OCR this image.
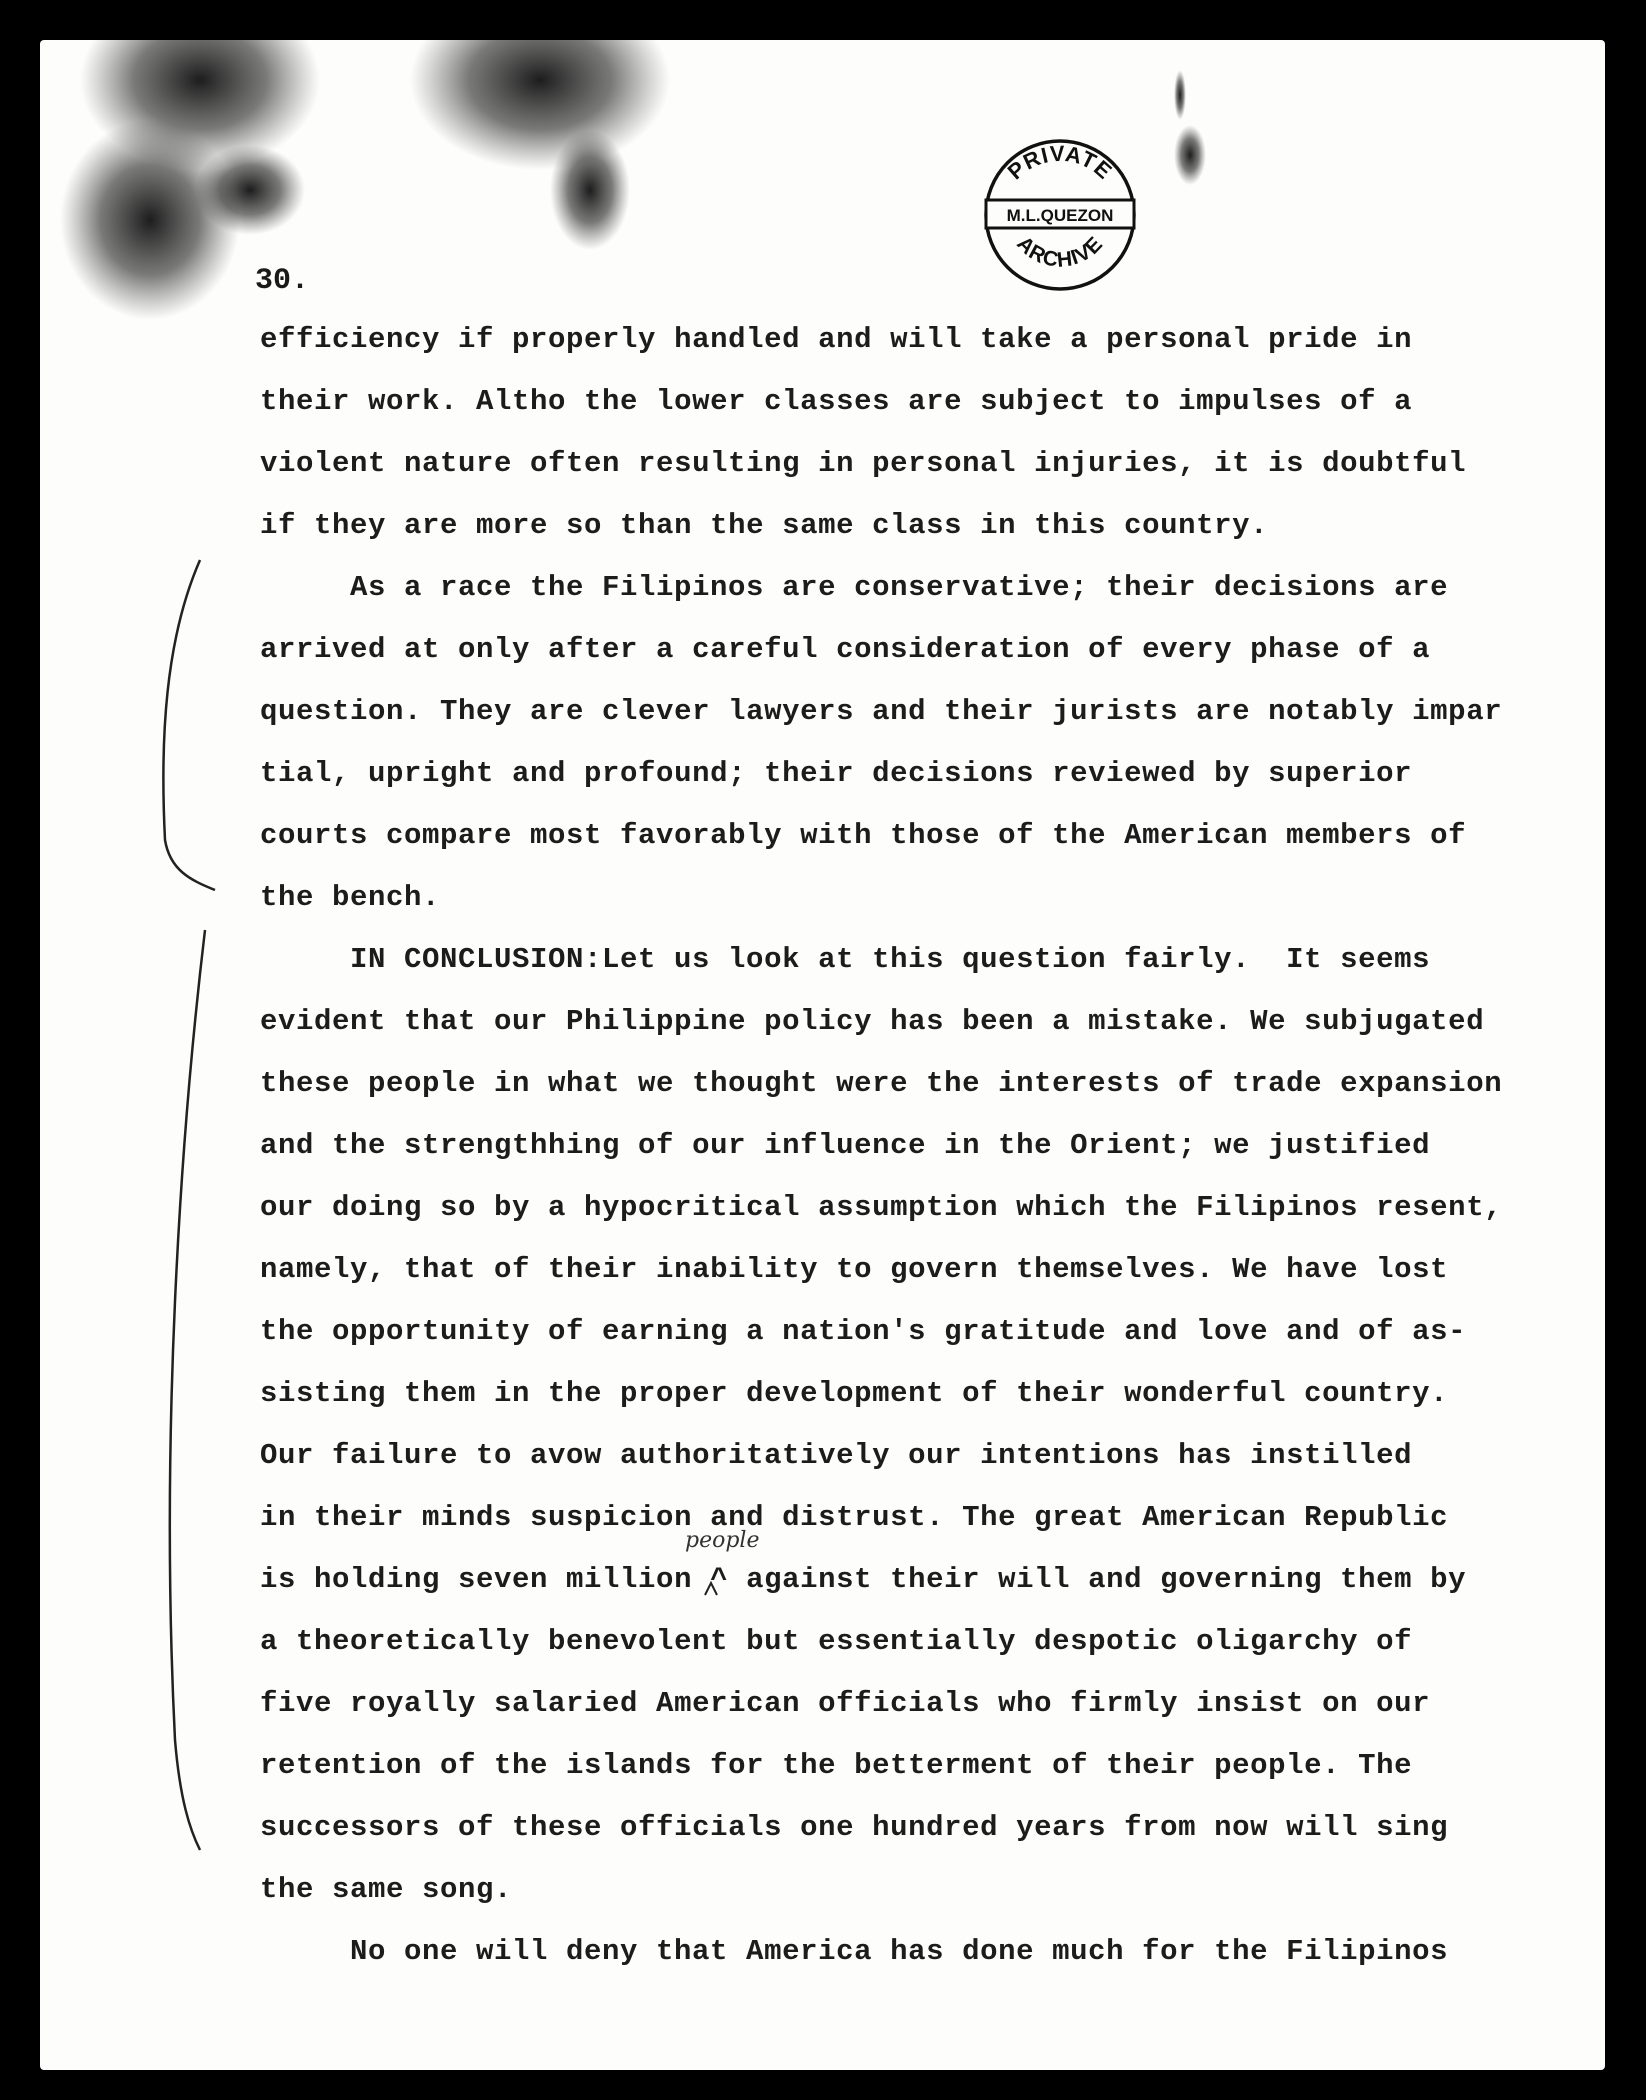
PRIVATE
M.L.QUEZON
ARCHIVE
30.
efficiency if properly handled and will take a personal pride in
their work. Altho the lower classes are subject to impulses of a
violent nature often resulting in personal injuries, it is doubtful
if they are more so than the same class in this country.
As a race the Filipinos are conservative; their decisions are
arrived at only after a careful consideration of every phase of a
question. They are clever lawyers and their jurists are notably impar
tial, upright and profound; their decisions reviewed by superior
courts compare most favorably with those of the American members of
the bench.
IN CONCLUSION:Let us look at this question fairly.  It seems
evident that our Philippine policy has been a mistake. We subjugated
these people in what we thought were the interests of trade expansion
and the strengthhing of our influence in the Orient; we justified
our doing so by a hypocritical assumption which the Filipinos resent,
namely, that of their inability to govern themselves. We have lost
the opportunity of earning a nation's gratitude and love and of as-
sisting them in the proper development of their wonderful country.
Our failure to avow authoritatively our intentions has instilled
in their minds suspicion and distrust. The great American Republic
is holding seven million ^ against their will and governing them by
a theoretically benevolent but essentially despotic oligarchy of
five royally salaried American officials who firmly insist on our
retention of the islands for the betterment of their people. The
successors of these officials one hundred years from now will sing
the same song.
No one will deny that America has done much for the Filipinos
people
